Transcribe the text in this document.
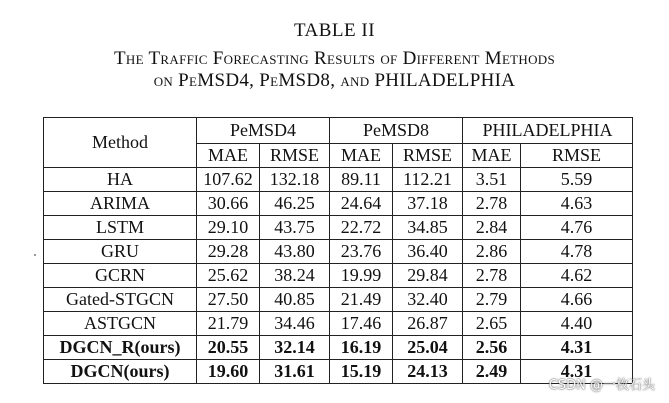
TABLE II
The Traffic Forecasting Results of Different Methods
on PeMSD4, PeMSD8, and PHILADELPHIA
Method	PeMSD4		PeMSD8		PHILADELPHIA	
	MAE	RMSE	MAE	RMSE	MAE	RMSE
HA	107.62	132.18	89.11	112.21	3.51	5.59
ARIMA	30.66	46.25	24.64	37.18	2.78	4.63
LSTM	29.10	43.75	22.72	34.85	2.84	4.76
GRU	29.28	43.80	23.76	36.40	2.86	4.78
GCRN	25.62	38.24	19.99	29.84	2.78	4.62
Gated-STGCN	27.50	40.85	21.49	32.40	2.79	4.66
ASTGCN	21.79	34.46	17.46	26.87	2.65	4.40
DGCN_R(ours)	20.55	32.14	16.19	25.04	2.56	4.31
DGCN(ours)	19.60	31.61	15.19	24.13	2.49	4.31
CSDN @一枚石头
